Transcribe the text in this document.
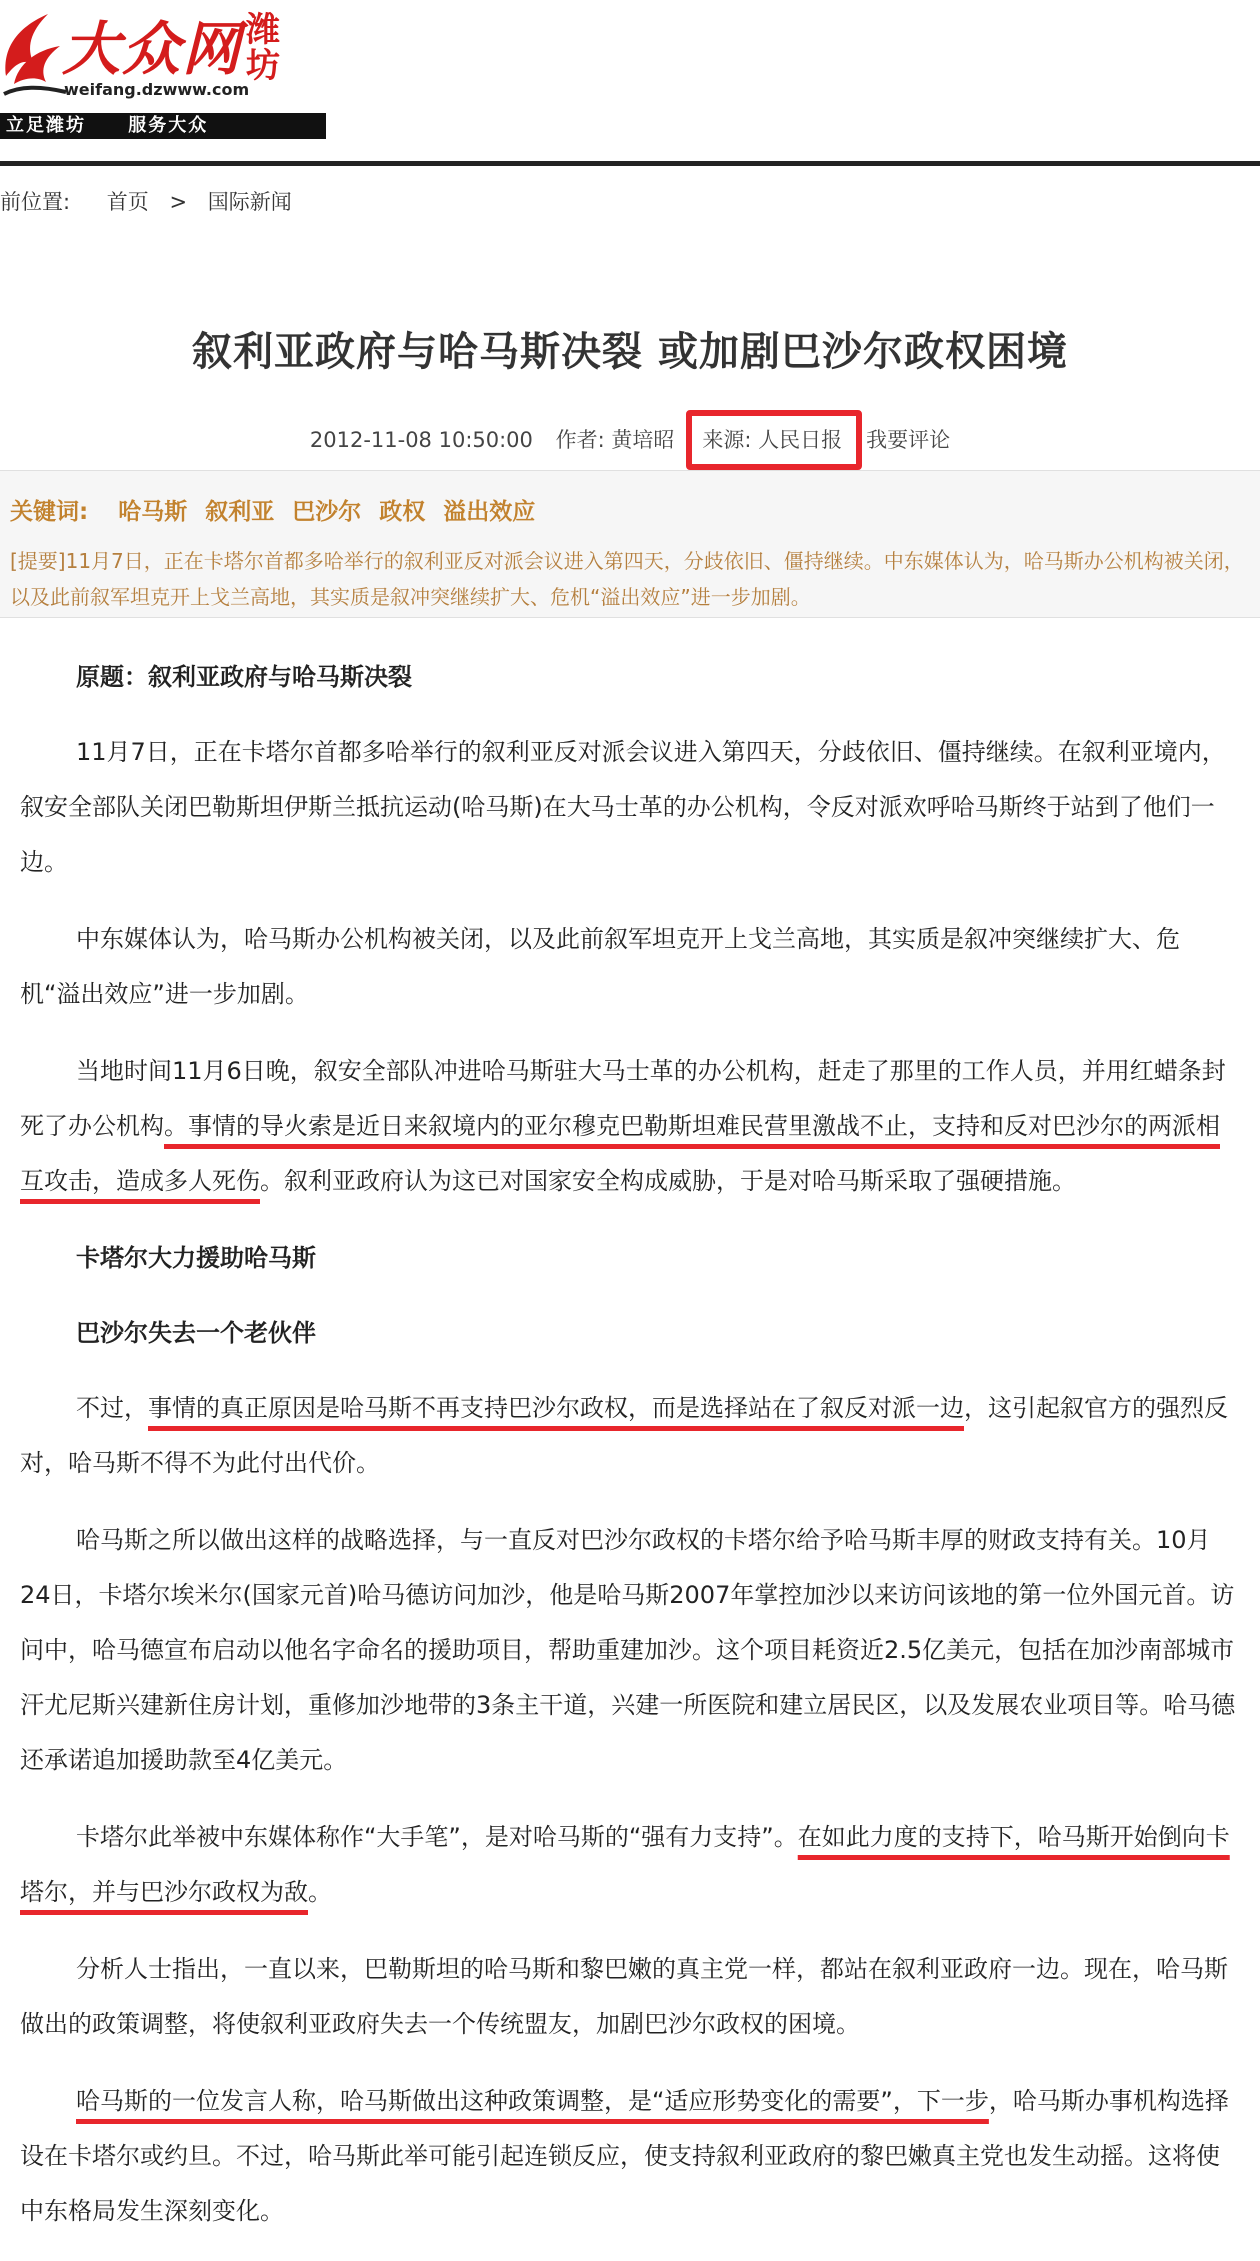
大众网 潍坊
weifang.dzwww.com
立足潍坊 服务大众
前位置: 首页 > 国际新闻
叙利亚政府与哈马斯决裂 或加剧巴沙尔政权困境
2012-11-08 10:50:00 作者: 黄培昭 来源: 人民日报 我要评论
关键词: 哈马斯 叙利亚 巴沙尔 政权 溢出效应
[提要]11月7日，正在卡塔尔首都多哈举行的叙利亚反对派会议进入第四天，分歧依旧、僵持继续。中东媒体认为，哈马斯办公机构被关闭，以及此前叙军坦克开上戈兰高地，其实质是叙冲突继续扩大、危机“溢出效应”进一步加剧。

原题：叙利亚政府与哈马斯决裂

11月7日，正在卡塔尔首都多哈举行的叙利亚反对派会议进入第四天，分歧依旧、僵持继续。在叙利亚境内，叙安全部队关闭巴勒斯坦伊斯兰抵抗运动(哈马斯)在大马士革的办公机构，令反对派欢呼哈马斯终于站到了他们一边。

中东媒体认为，哈马斯办公机构被关闭，以及此前叙军坦克开上戈兰高地，其实质是叙冲突继续扩大、危机“溢出效应”进一步加剧。

当地时间11月6日晚，叙安全部队冲进哈马斯驻大马士革的办公机构，赶走了那里的工作人员，并用红蜡条封死了办公机构。事情的导火索是近日来叙境内的亚尔穆克巴勒斯坦难民营里激战不止，支持和反对巴沙尔的两派相互攻击，造成多人死伤。叙利亚政府认为这已对国家安全构成威胁，于是对哈马斯采取了强硬措施。

卡塔尔大力援助哈马斯

巴沙尔失去一个老伙伴

不过，事情的真正原因是哈马斯不再支持巴沙尔政权，而是选择站在了叙反对派一边，这引起叙官方的强烈反对，哈马斯不得不为此付出代价。

哈马斯之所以做出这样的战略选择，与一直反对巴沙尔政权的卡塔尔给予哈马斯丰厚的财政支持有关。10月24日，卡塔尔埃米尔(国家元首)哈马德访问加沙，他是哈马斯2007年掌控加沙以来访问该地的第一位外国元首。访问中，哈马德宣布启动以他名字命名的援助项目，帮助重建加沙。这个项目耗资近2.5亿美元，包括在加沙南部城市汗尤尼斯兴建新住房计划，重修加沙地带的3条主干道，兴建一所医院和建立居民区，以及发展农业项目等。哈马德还承诺追加援助款至4亿美元。

卡塔尔此举被中东媒体称作“大手笔”，是对哈马斯的“强有力支持”。在如此力度的支持下，哈马斯开始倒向卡塔尔，并与巴沙尔政权为敌。

分析人士指出，一直以来，巴勒斯坦的哈马斯和黎巴嫩的真主党一样，都站在叙利亚政府一边。现在，哈马斯做出的政策调整，将使叙利亚政府失去一个传统盟友，加剧巴沙尔政权的困境。

哈马斯的一位发言人称，哈马斯做出这种政策调整，是“适应形势变化的需要”，下一步，哈马斯办事机构选择设在卡塔尔或约旦。不过，哈马斯此举可能引起连锁反应，使支持叙利亚政府的黎巴嫩真主党也发生动摇。这将使中东格局发生深刻变化。
